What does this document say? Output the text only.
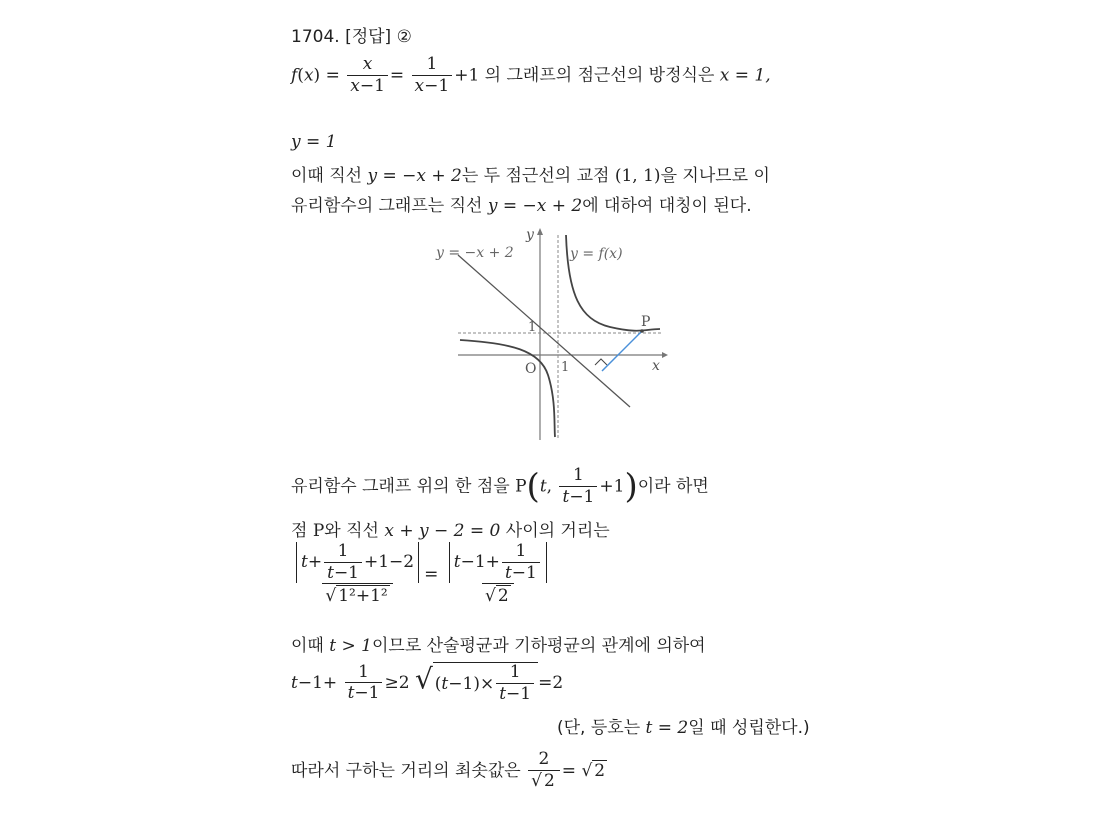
1704. [정답] ②
$f(x) = \frac{x}{x-1} = \frac{1}{x-1} +1$ 의 그래프의 점근선의 방정식은 x = 1,
y = 1
이때 직선 y = −x + 2는 두 점근선의 교점 (1, 1)을 지나므로 이
유리함수의 그래프는 직선 y = −x + 2에 대하여 대칭이 된다.
y = −x + 2	y = f(x)
y
x
O 1
1	P
유리함수 그래프 위의 한 점을 P(t, $\frac{1}{t-1} +1$)이라 하면
점 P와 직선 x + y − 2 = 0 사이의 거리는
$\frac{t + \frac{1}{t-1} +1-2}{\text{√ 1²+1²}} = \frac{t -1+ \frac{1}{t-1}}{√ 2}$
이때 t > 1이므로 산술평균과 기하평균의 관계에 의하여
$t-1+ \frac{1}{t-1} \ge 2$ √ ( $t -1)\times \frac{1}{t-1} =2$
(단, 등호는 t = 2일 때 성립한다.)
따라서 구하는 거리의 최솟값은 $\frac{2}{√ 2}$ = √ 2
